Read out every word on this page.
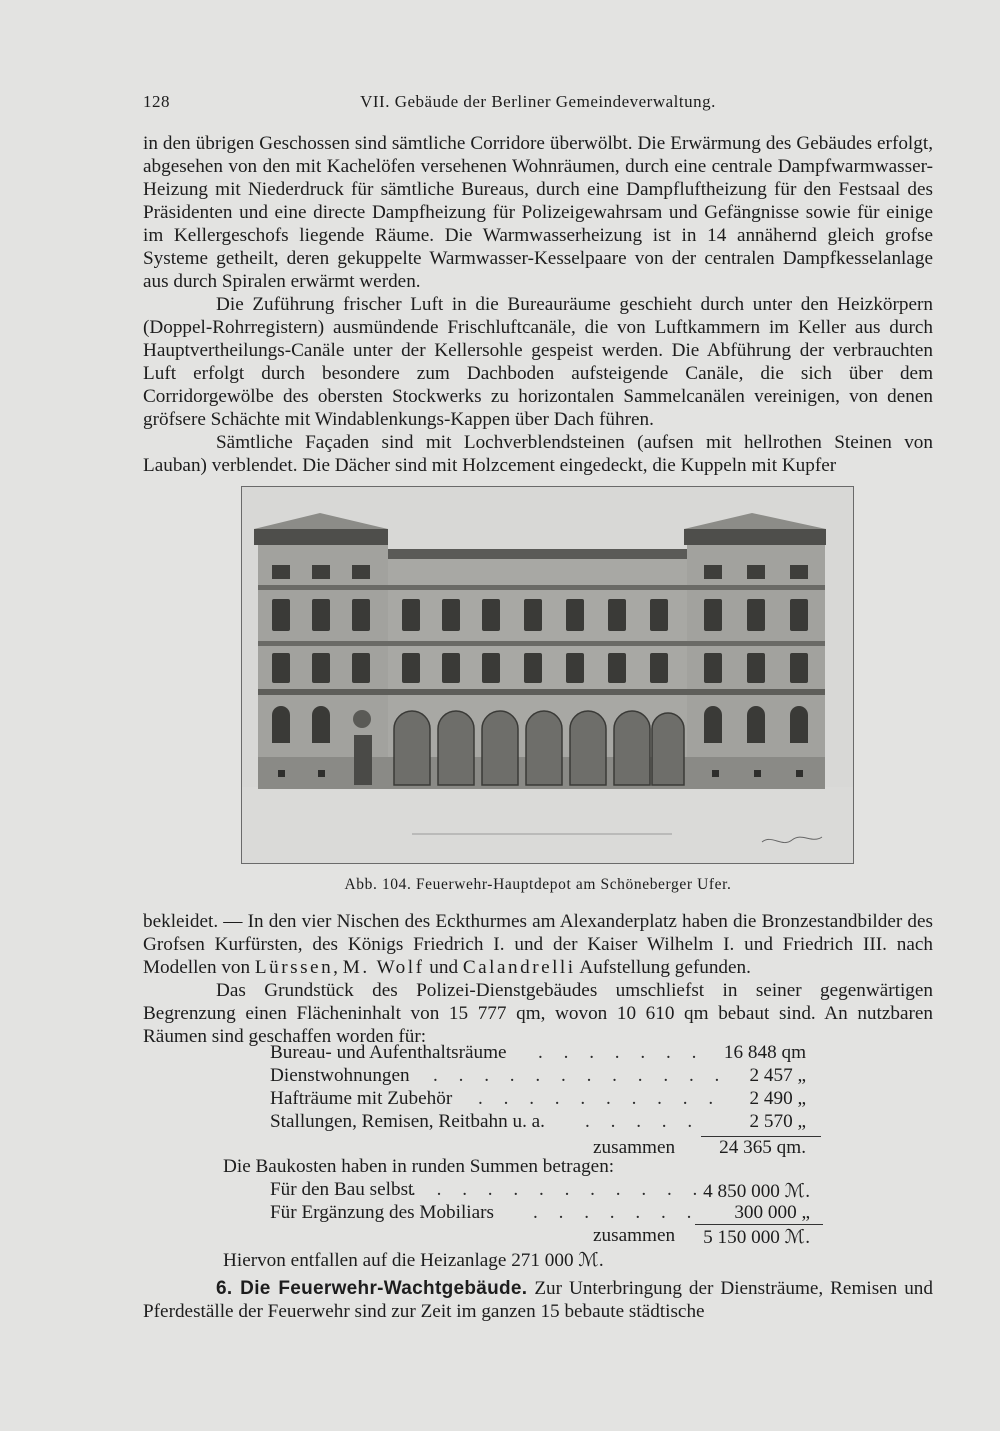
128	VII. Gebäude der Berliner Gemeindeverwaltung.

in den übrigen Geschossen sind sämtliche Corridore überwölbt. Die Erwärmung des Gebäudes erfolgt, abgesehen von den mit Kachelöfen versehenen Wohnräumen, durch eine centrale Dampfwarmwasser-Heizung mit Niederdruck für sämtliche Bureaus, durch eine Dampfluftheizung für den Festsaal des Präsidenten und eine directe Dampfheizung für Polizeigewahrsam und Gefängnisse sowie für einige im Kellergeschofs liegende Räume. Die Warmwasserheizung ist in 14 annähernd gleich grofse Systeme getheilt, deren gekuppelte Warmwasser-Kesselpaare von der centralen Dampfkesselanlage aus durch Spiralen erwärmt werden.

Die Zuführung frischer Luft in die Bureauräume geschieht durch unter den Heizkörpern (Doppel-Rohrregistern) ausmündende Frischluftcanäle, die von Luftkammern im Keller aus durch Hauptvertheilungs-Canäle unter der Kellersohle gespeist werden. Die Abführung der verbrauchten Luft erfolgt durch besondere zum Dachboden aufsteigende Canäle, die sich über dem Corridorgewölbe des obersten Stockwerks zu horizontalen Sammelcanälen vereinigen, von denen gröfsere Schächte mit Windablenkungs-Kappen über Dach führen.

Sämtliche Façaden sind mit Lochverblendsteinen (aufsen mit hellrothen Steinen von Lauban) verblendet. Die Dächer sind mit Holzcement eingedeckt, die Kuppeln mit Kupfer

Abb. 104. Feuerwehr-Hauptdepot am Schöneberger Ufer.

bekleidet. — In den vier Nischen des Eckthurmes am Alexanderplatz haben die Bronzestandbilder des Grofsen Kurfürsten, des Königs Friedrich I. und der Kaiser Wilhelm I. und Friedrich III. nach Modellen von Lürssen, M. Wolf und Calandrelli Aufstellung gefunden.

Das Grundstück des Polizei-Dienstgebäudes umschliefst in seiner gegenwärtigen Begrenzung einen Flächeninhalt von 15 777 qm, wovon 10 610 qm bebaut sind. An nutzbaren Räumen sind geschaffen worden für:

Bureau- und Aufenthaltsräume . . . . . . . 16 848 qm
Dienstwohnungen . . . . . . . . . . . . 2 457 „
Hafträume mit Zubehör . . . . . . . . . . 2 490 „
Stallungen, Remisen, Reitbahn u. a. . . . . .	2 570 „
zusammen 24 365 qm.
Die Baukosten haben in runden Summen betragen:
Für den Bau selbst
. . . . . . . . . . . .
4 850 000 ℳ.
Für Ergänzung des Mobiliars . . . . . . . 300 000 „
zusammen 5 150 000 ℳ.
Hiervon entfallen auf die Heizanlage 271 000 ℳ.

6. Die Feuerwehr-Wachtgebäude. Zur Unterbringung der Diensträume, Remisen und Pferdeställe der Feuerwehr sind zur Zeit im ganzen 15 bebaute städtische
